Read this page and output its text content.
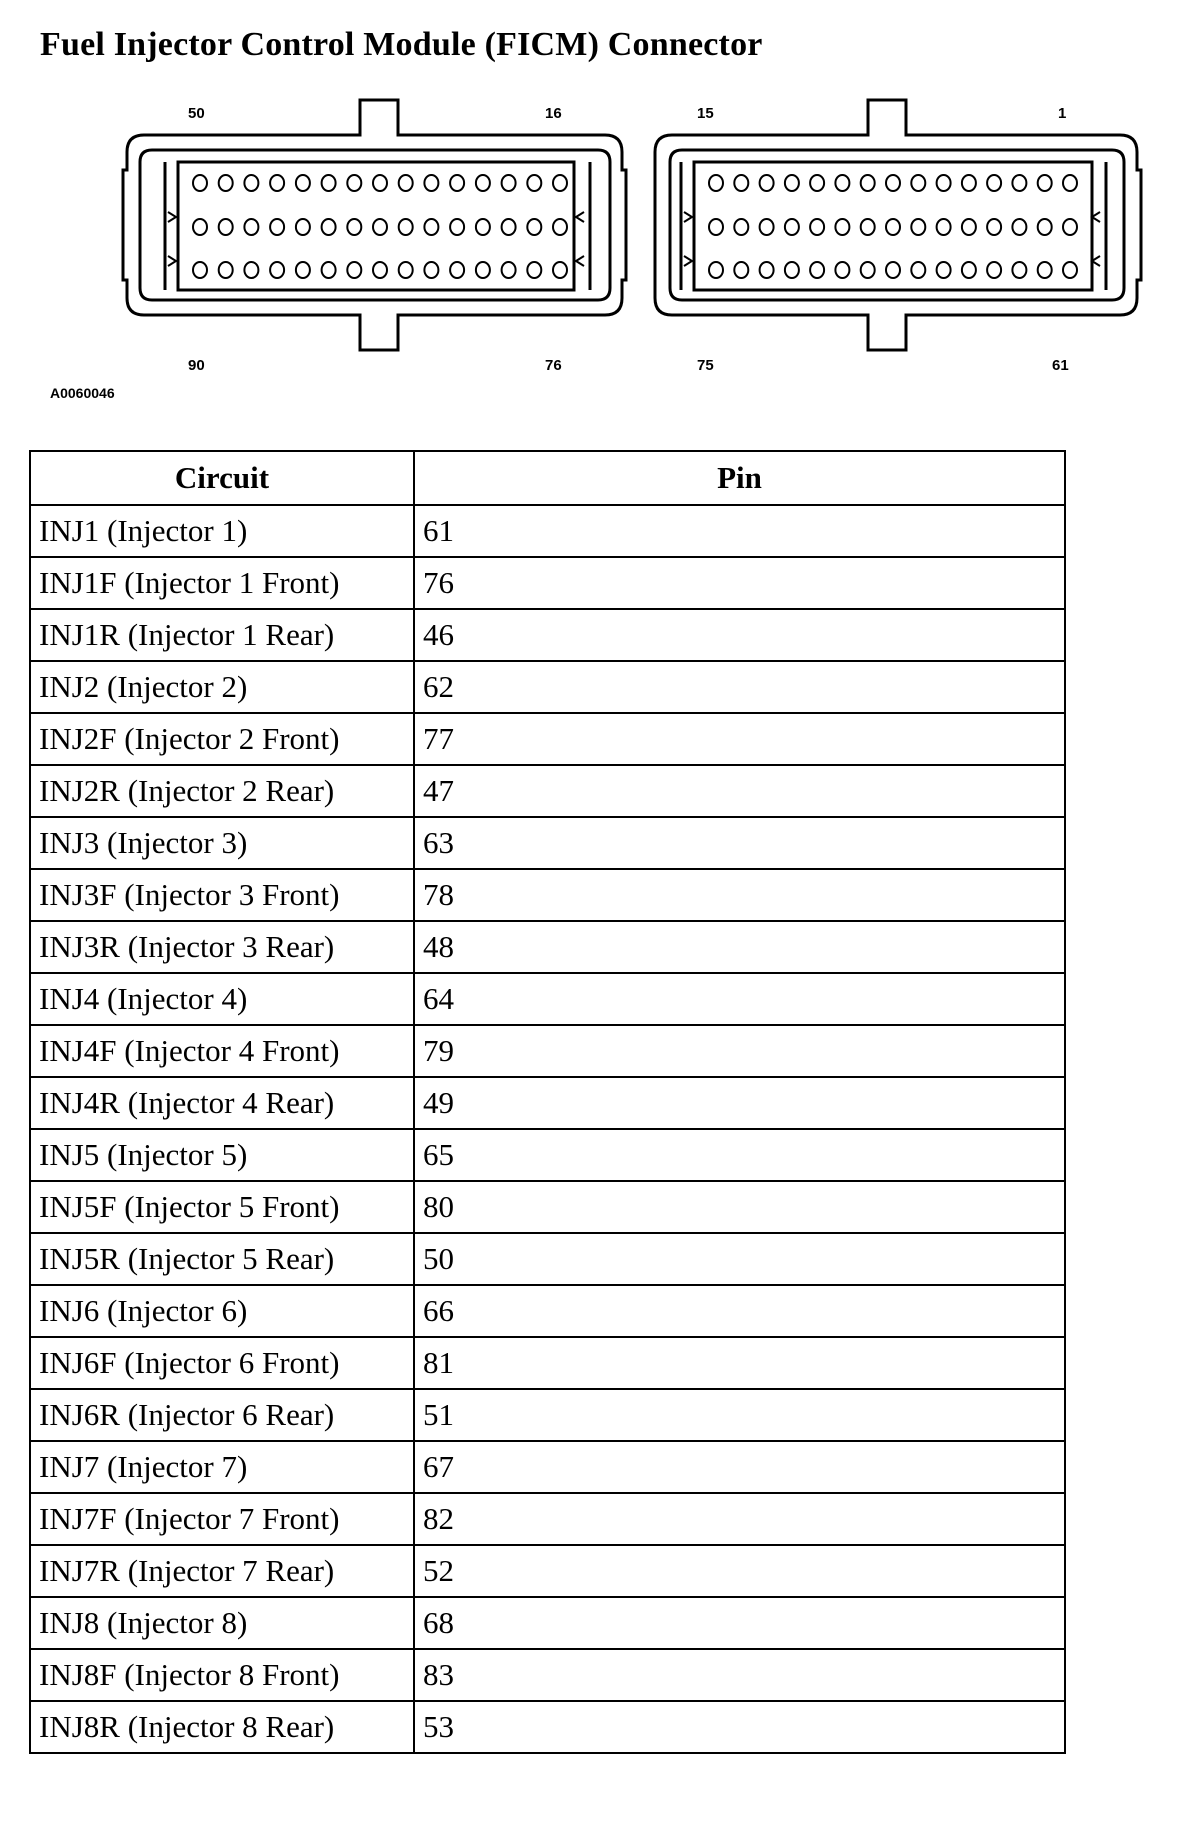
Fuel Injector Control Module (FICM) Connector
50	16
90	76
15	1
75	61
A0060046
Circuit	Pin
INJ1 (Injector 1)	61
INJ1F (Injector 1 Front)	76
INJ1R (Injector 1 Rear)	46
INJ2 (Injector 2)	62
INJ2F (Injector 2 Front)	77
INJ2R (Injector 2 Rear)	47
INJ3 (Injector 3)	63
INJ3F (Injector 3 Front)	78
INJ3R (Injector 3 Rear)	48
INJ4 (Injector 4)	64
INJ4F (Injector 4 Front)	79
INJ4R (Injector 4 Rear)	49
INJ5 (Injector 5)	65
INJ5F (Injector 5 Front)	80
INJ5R (Injector 5 Rear)	50
INJ6 (Injector 6)	66
INJ6F (Injector 6 Front)	81
INJ6R (Injector 6 Rear)	51
INJ7 (Injector 7)	67
INJ7F (Injector 7 Front)	82
INJ7R (Injector 7 Rear)	52
INJ8 (Injector 8)	68
INJ8F (Injector 8 Front)	83
INJ8R (Injector 8 Rear)	53
